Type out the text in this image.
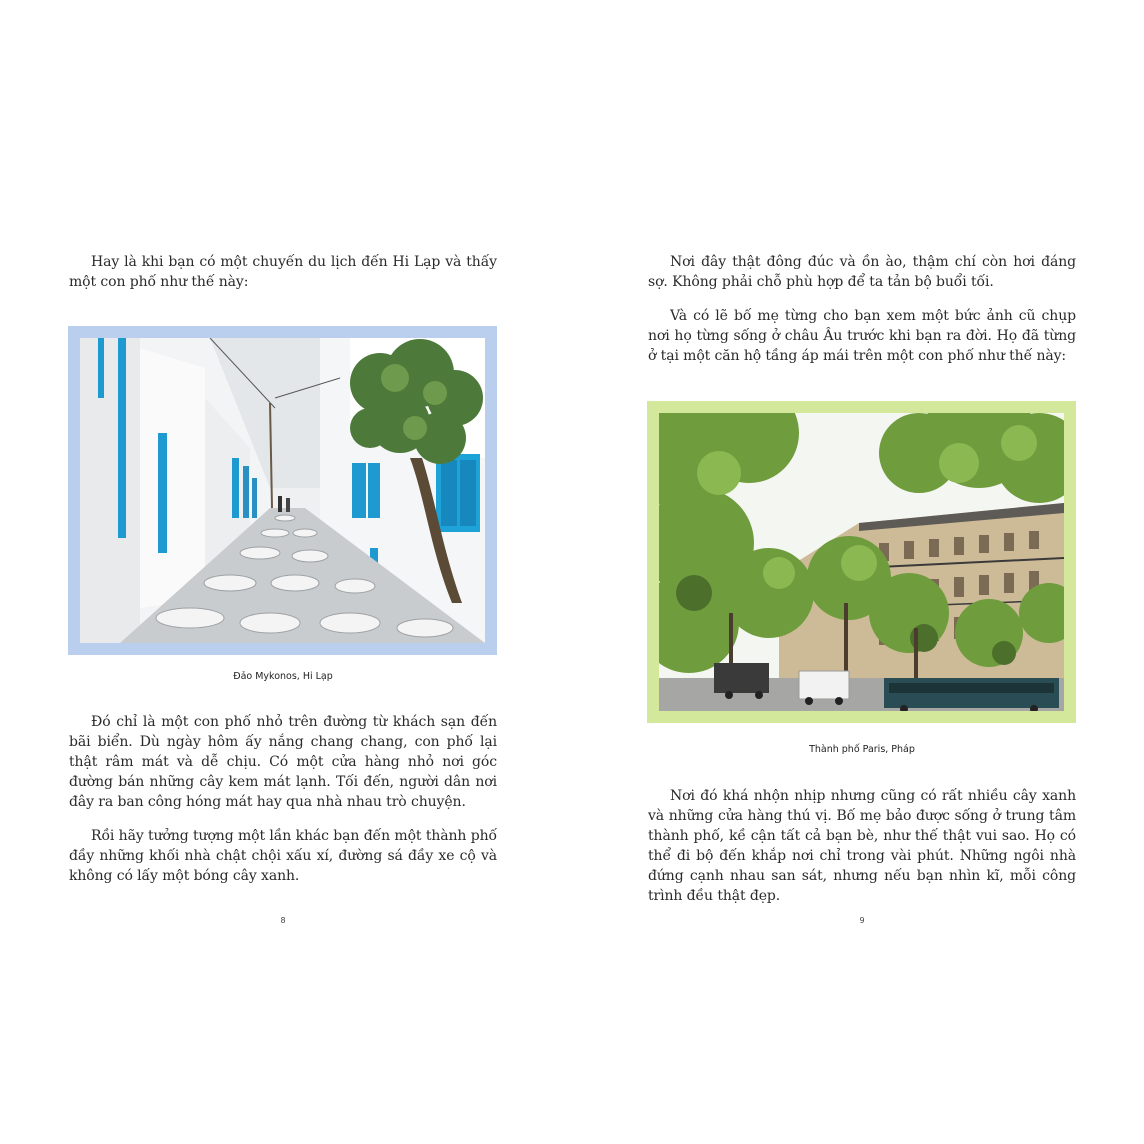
Hay là khi bạn có một chuyến du lịch đến Hi Lạp và thấy một con phố như thế này:

Đảo Mykonos, Hi Lạp

Đó chỉ là một con phố nhỏ trên đường từ khách sạn đến bãi biển. Dù ngày hôm ấy nắng chang chang, con phố lại thật râm mát và dễ chịu. Có một cửa hàng nhỏ nơi góc đường bán những cây kem mát lạnh. Tối đến, người dân nơi đây ra ban công hóng mát hay qua nhà nhau trò chuyện.

Rồi hãy tưởng tượng một lần khác bạn đến một thành phố đầy những khối nhà chật chội xấu xí, đường sá đầy xe cộ và không có lấy một bóng cây xanh.

8

Nơi đây thật đông đúc và ồn ào, thậm chí còn hơi đáng sợ. Không phải chỗ phù hợp để ta tản bộ buổi tối.

Và có lẽ bố mẹ từng cho bạn xem một bức ảnh cũ chụp nơi họ từng sống ở châu Âu trước khi bạn ra đời. Họ đã từng ở tại một căn hộ tầng áp mái trên một con phố như thế này:

Thành phố Paris, Pháp

Nơi đó khá nhộn nhịp nhưng cũng có rất nhiều cây xanh và những cửa hàng thú vị. Bố mẹ bảo được sống ở trung tâm thành phố, kề cận tất cả bạn bè, như thế thật vui sao. Họ có thể đi bộ đến khắp nơi chỉ trong vài phút. Những ngôi nhà đứng cạnh nhau san sát, nhưng nếu bạn nhìn kĩ, mỗi công trình đều thật đẹp.

9
